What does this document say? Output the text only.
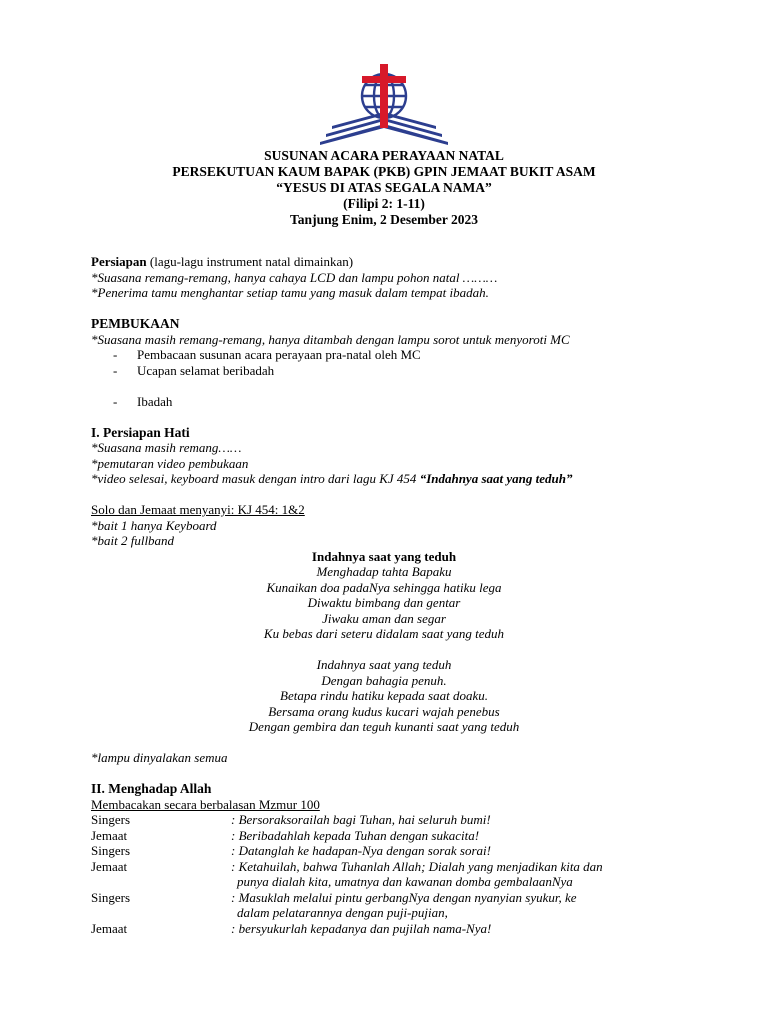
SUSUNAN ACARA PERAYAAN NATAL
PERSEKUTUAN KAUM BAPAK (PKB) GPIN JEMAAT BUKIT ASAM
“YESUS DI ATAS SEGALA NAMA”
(Filipi 2: 1-11)
Tanjung Enim, 2 Desember 2023
Persiapan (lagu-lagu instrument natal dimainkan)
*Suasana remang-remang, hanya cahaya LCD dan lampu pohon natal ………
*Penerima tamu menghantar setiap tamu yang masuk dalam tempat ibadah.
PEMBUKAAN
*Suasana masih remang-remang, hanya ditambah dengan lampu sorot untuk menyoroti MC
- Pembacaan susunan acara perayaan pra-natal oleh MC
- Ucapan selamat beribadah
- Ibadah
I. Persiapan Hati
*Suasana masih remang……
*pemutaran video pembukaan
*video selesai, keyboard masuk dengan intro dari lagu KJ 454 “Indahnya saat yang teduh”
Solo dan Jemaat menyanyi: KJ 454: 1&2
*bait 1 hanya Keyboard
*bait 2 fullband
Indahnya saat yang teduh
Menghadap tahta Bapaku
Kunaikan doa padaNya sehingga hatiku lega
Diwaktu bimbang dan gentar
Jiwaku aman dan segar
Ku bebas dari seteru didalam saat yang teduh
Indahnya saat yang teduh
Dengan bahagia penuh.
Betapa rindu hatiku kepada saat doaku.
Bersama orang kudus kucari wajah penebus
Dengan gembira dan teguh kunanti saat yang teduh
*lampu dinyalakan semua
II. Menghadap Allah
Membacakan secara berbalasan Mzmur 100
Singers	: Bersoraksorailah bagi Tuhan, hai seluruh bumi!
Jemaat	: Beribadahlah kepada Tuhan dengan sukacita!
Singers	: Datanglah ke hadapan-Nya dengan sorak sorai!
Jemaat	: Ketahuilah, bahwa Tuhanlah Allah; Dialah yang menjadikan kita dan
punya dialah kita, umatnya dan kawanan domba gembalaanNya
Singers	: Masuklah melalui pintu gerbangNya dengan nyanyian syukur, ke
dalam pelatarannya dengan puji-pujian,
Jemaat	: bersyukurlah kepadanya dan pujilah nama-Nya!
